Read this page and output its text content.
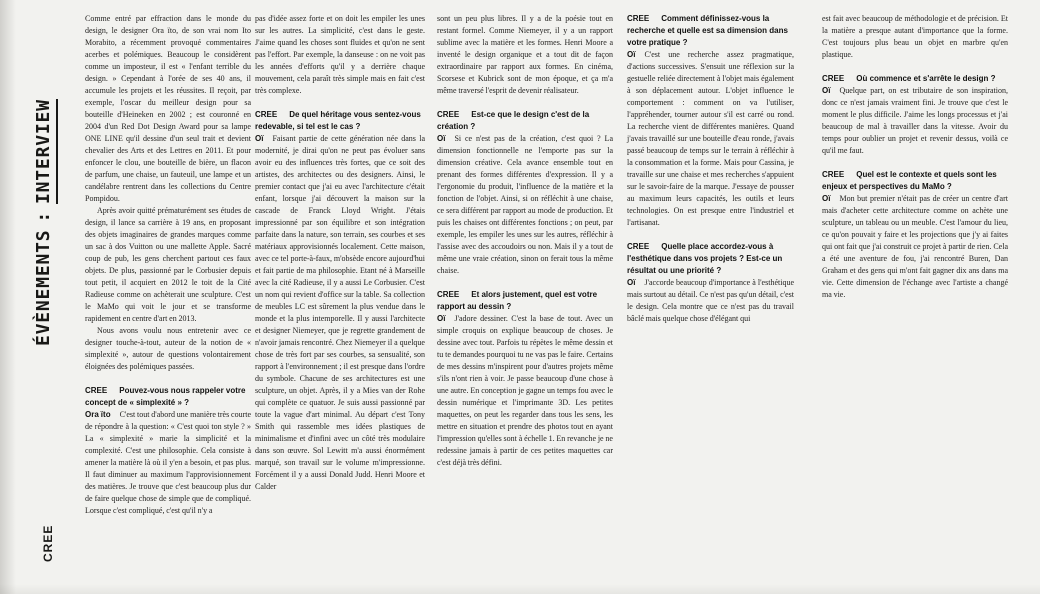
ÉVÈNEMENTS:INTERVIEW
CREE

Comme entré par effraction dans le monde du design, le designer Ora ïto, de son vrai nom Ito Morabito, a récemment provoqué commentaires acerbes et polémiques. Beaucoup le considèrent comme un imposteur, il est « l'enfant terrible du design. » Cependant à l'orée de ses 40 ans, il accumule les projets et les réussites. Il reçoit, par exemple, l'oscar du meilleur design pour sa bouteille d'Heineken en 2002 ; est couronné en 2004 d'un Red Dot Design Award pour sa lampe ONE LINE qu'il dessine d'un seul trait et devient chevalier des Arts et des Lettres en 2011. Et pour enfoncer le clou, une bouteille de bière, un flacon de parfum, une chaise, un fauteuil, une lampe et un candélabre rentrent dans les collections du Centre Pompidou.

Après avoir quitté prématurément ses études de design, il lance sa carrière à 19 ans, en proposant des objets imaginaires de grandes marques comme un sac à dos Vuitton ou une mallette Apple. Sacré coup de pub, les gens cherchent partout ces faux objets. De plus, passionné par le Corbusier depuis tout petit, il acquiert en 2012 le toit de la Cité Radieuse comme on achèterait une sculpture. C'est le MaMo qui voit le jour et se transforme rapidement en centre d'art en 2013.

Nous avons voulu nous entretenir avec ce designer touche-à-tout, auteur de la notion de « simplexité », autour de questions volontairement éloignées des polémiques passées.

CREE Pouvez-vous nous rappeler votre concept de « simplexité » ?

Ora ïto C'est tout d'abord une manière très courte de répondre à la question: « C'est quoi ton style ? » La « simplexité » marie la simplicité et la complexité. C'est une philosophie. Cela consiste à amener la matière là où il y'en a besoin, et pas plus. Il faut diminuer au maximum l'approvisionnement des matières. Je trouve que c'est beaucoup plus dur de faire quelque chose de simple que de compliqué. Lorsque c'est compliqué, c'est qu'il n'y a

pas d'idée assez forte et on doit les empiler les unes sur les autres. La simplicité, c'est dans le geste. J'aime quand les choses sont fluides et qu'on ne sent pas l'effort. Par exemple, la danseuse : on ne voit pas les années d'efforts qu'il y a derrière chaque mouvement, cela paraît très simple mais en fait c'est très complexe.

CREE De quel héritage vous sentez-vous redevable, si tel est le cas ?

Oï Faisant partie de cette génération née dans la modernité, je dirai qu'on ne peut pas évoluer sans avoir eu des influences très fortes, que ce soit des artistes, des architectes ou des designers. Ainsi, le premier contact que j'ai eu avec l'architecture c'était enfant, lorsque j'ai découvert la maison sur la cascade de Franck Lloyd Wright. J'étais impressionné par son équilibre et son intégration parfaite dans la nature, son terrain, ses courbes et ses matériaux approvisionnés localement. Cette maison, avec ce tel porte-à-faux, m'obsède encore aujourd'hui et fait partie de ma philosophie. Etant né à Marseille avec la cité Radieuse, il y a aussi Le Corbusier. C'est un nom qui revient d'office sur la table. Sa collection de meubles LC est sûrement la plus vendue dans le monde et la plus intemporelle. Il y aussi l'architecte et designer Niemeyer, que je regrette grandement de n'avoir jamais rencontré. Chez Niemeyer il a quelque chose de très fort par ses courbes, sa sensualité, son rapport à l'environnement ; il est presque dans l'ordre du symbole. Chacune de ses architectures est une sculpture, un objet. Après, il y a Mies van der Rohe qui complète ce quatuor. Je suis aussi passionné par toute la vague d'art minimal. Au départ c'est Tony Smith qui rassemble mes idées plastiques de minimalisme et d'infini avec un côté très modulaire dans son œuvre. Sol Lewitt m'a aussi énormément marqué, son travail sur le volume m'impressionne. Forcément il y a aussi Donald Judd. Henri Moore et Calder

sont un peu plus libres. Il y a de la poésie tout en restant formel. Comme Niemeyer, il y a un rapport sublime avec la matière et les formes. Henri Moore a inventé le design organique et a tout dit de façon extraordinaire par rapport aux formes. En cinéma, Scorsese et Kubrick sont de mon époque, et ça m'a même traversé l'esprit de devenir réalisateur.

CREE Est-ce que le design c'est de la création ?

Oï Si ce n'est pas de la création, c'est quoi ? La dimension fonctionnelle ne l'emporte pas sur la dimension créative. Cela avance ensemble tout en prenant des formes différentes d'expression. Il y a l'ergonomie du produit, l'influence de la matière et la fonction de l'objet. Ainsi, si on réfléchit à une chaise, ce sera différent par rapport au mode de production. Et puis les chaises ont différentes fonctions ; on peut, par exemple, les empiler les unes sur les autres, réfléchir à l'assise avec des accoudoirs ou non. Mais il y a tout de même une vraie création, sinon on ferait tous la même chaise.

CREE Et alors justement, quel est votre rapport au dessin ?

Oï J'adore dessiner. C'est la base de tout. Avec un simple croquis on explique beaucoup de choses. Je dessine avec tout. Parfois tu répètes le même dessin et tu te demandes pourquoi tu ne vas pas le faire. Certains de mes dessins m'inspirent pour d'autres projets même s'ils n'ont rien à voir. Je passe beaucoup d'une chose à une autre. En conception je gagne un temps fou avec le dessin numérique et l'imprimante 3D. Les petites maquettes, on peut les regarder dans tous les sens, les mettre en situation et prendre des photos tout en ayant l'impression qu'elles sont à échelle 1. En revanche je ne redessine jamais à partir de ces petites maquettes car c'est déjà très défini.

CREE Comment définissez-vous la recherche et quelle est sa dimension dans votre pratique ?

Oï C'est une recherche assez pragmatique, d'actions successives. S'ensuit une réflexion sur la gestuelle reliée directement à l'objet mais également à son déplacement autour. L'objet influence le comportement : comment on va l'utiliser, l'appréhender, tourner autour s'il est carré ou rond. La recherche vient de différentes manières. Quand j'avais travaillé sur une bouteille d'eau ronde, j'avais passé beaucoup de temps sur le terrain à réfléchir à la consommation et la forme. Mais pour Cassina, je travaille sur une chaise et mes recherches s'appuient sur le savoir-faire de la marque. J'essaye de pousser au maximum leurs capacités, les outils et leurs technologies. On est presque entre l'industriel et l'artisanat.

CREE Quelle place accordez-vous à l'esthétique dans vos projets ? Est-ce un résultat ou une priorité ?

Oï J'accorde beaucoup d'importance à l'esthétique mais surtout au détail. Ce n'est pas qu'un détail, c'est le design. Cela montre que ce n'est pas du travail bâclé mais quelque chose d'élégant qui

est fait avec beaucoup de méthodologie et de précision. Et la matière a presque autant d'importance que la forme. C'est toujours plus beau un objet en marbre qu'en plastique.

CREE Où commence et s'arrête le design ?

Oï Quelque part, on est tributaire de son inspiration, donc ce n'est jamais vraiment fini. Je trouve que c'est le moment le plus difficile. J'aime les longs processus et j'ai beaucoup de mal à travailler dans la vitesse. Avoir du temps pour oublier un projet et revenir dessus, voilà ce qu'il me faut.

CREE Quel est le contexte et quels sont les enjeux et perspectives du MaMo ?

Oï Mon but premier n'était pas de créer un centre d'art mais d'acheter cette architecture comme on achète une sculpture, un tableau ou un meuble. C'est l'amour du lieu, ce qu'on pouvait y faire et les projections que j'y ai faites qui ont fait que j'ai construit ce projet à partir de rien. Cela a été une aventure de fou, j'ai rencontré Buren, Dan Graham et des gens qui m'ont fait gagner dix ans dans ma vie. Cette dimension de l'échange avec l'artiste a changé ma vie.
